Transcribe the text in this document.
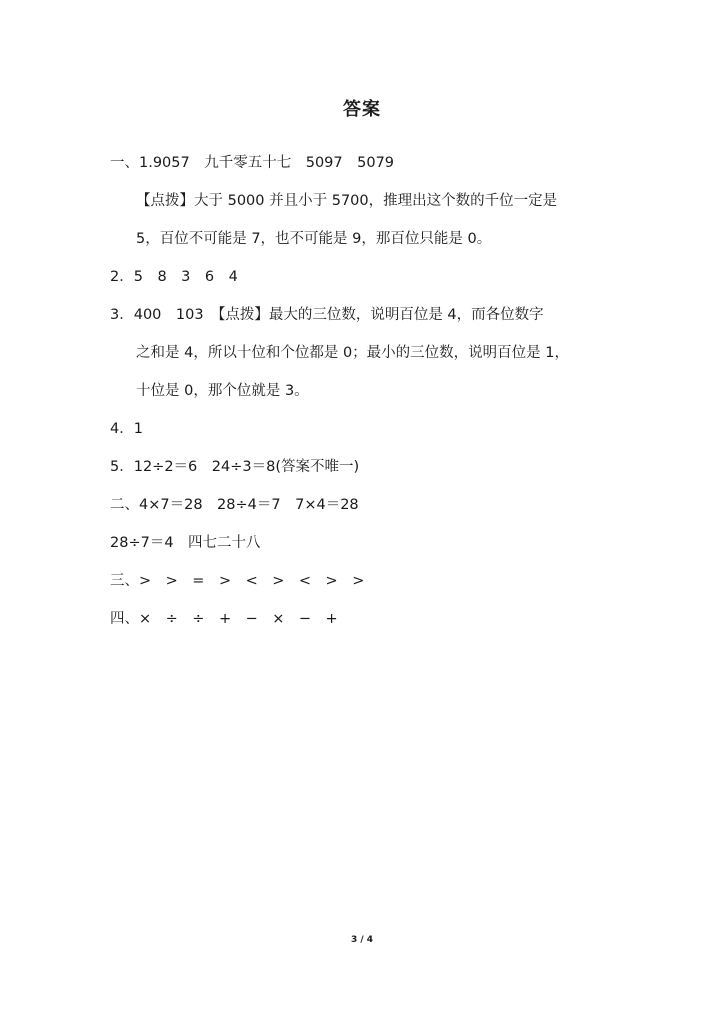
答案
一、1.9057　九千零五十七　5097　5079
【点拨】大于 5000 并且小于 5700，推理出这个数的千位一定是
5，百位不可能是 7，也不可能是 9，那百位只能是 0。
2．5　8　3　6　4
3．400　103　【点拨】最大的三位数，说明百位是 4，而各位数字
之和是 4，所以十位和个位都是 0；最小的三位数，说明百位是 1，
十位是 0，那个位就是 3。
4．1
5．12÷2＝6　24÷3＝8(答案不唯一)
二、4×7＝28　28÷4＝7　7×4＝28
28÷7＝4　四七二十八
三、>　>　=　>　<　>　<　>　>
四、×　÷　÷　+　−　×　−　+
3 / 4
